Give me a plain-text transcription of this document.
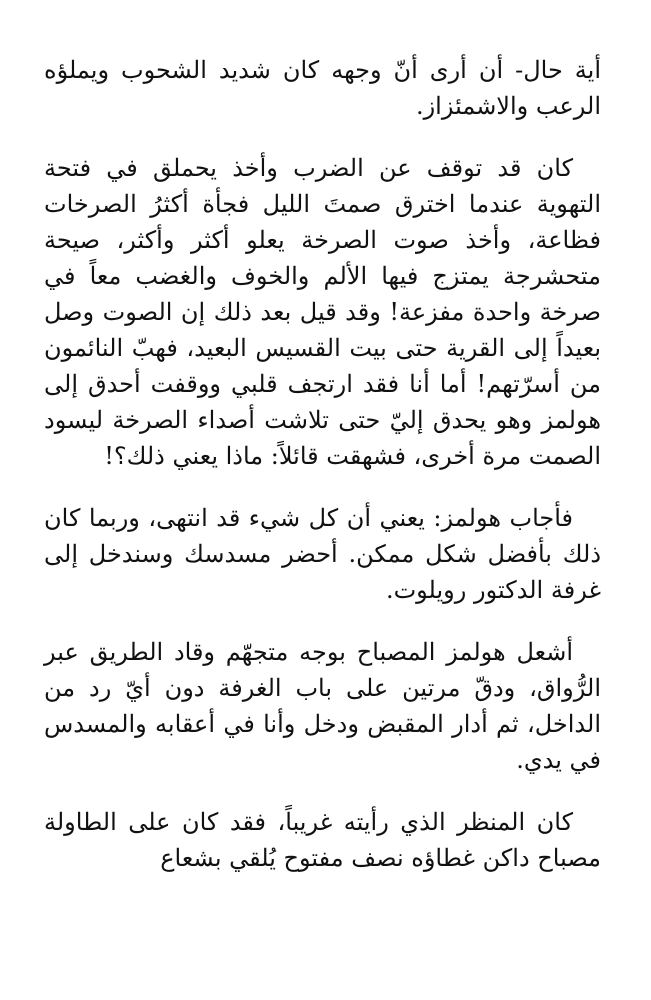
أية حال- أن أرى أنّ وجهه كان شديد الشحوب ويملؤه الرعب والاشمئزاز.

كان قد توقف عن الضرب وأخذ يحملق في فتحة التهوية عندما اخترق صمتَ الليل فجأة أكثرُ الصرخات فظاعة، وأخذ صوت الصرخة يعلو أكثر وأكثر، صيحة متحشرجة يمتزج فيها الألم والخوف والغضب معاً في صرخة واحدة مفزعة! وقد قيل بعد ذلك إن الصوت وصل بعيداً إلى القرية حتى بيت القسيس البعيد، فهبّ النائمون من أسرّتهم! أما أنا فقد ارتجف قلبي ووقفت أحدق إلى هولمز وهو يحدق إليّ حتى تلاشت أصداء الصرخة ليسود الصمت مرة أخرى، فشهقت قائلاً: ماذا يعني ذلك؟!

فأجاب هولمز: يعني أن كل شيء قد انتهى، وربما كان ذلك بأفضل شكل ممكن. أحضر مسدسك وسندخل إلى غرفة الدكتور رويلوت.

أشعل هولمز المصباح بوجه متجهّم وقاد الطريق عبر الرُّواق، ودقّ مرتين على باب الغرفة دون أيّ رد من الداخل، ثم أدار المقبض ودخل وأنا في أعقابه والمسدس في يدي.

كان المنظر الذي رأيته غريباً، فقد كان على الطاولة مصباح داكن غطاؤه نصف مفتوح يُلقي بشعاع
